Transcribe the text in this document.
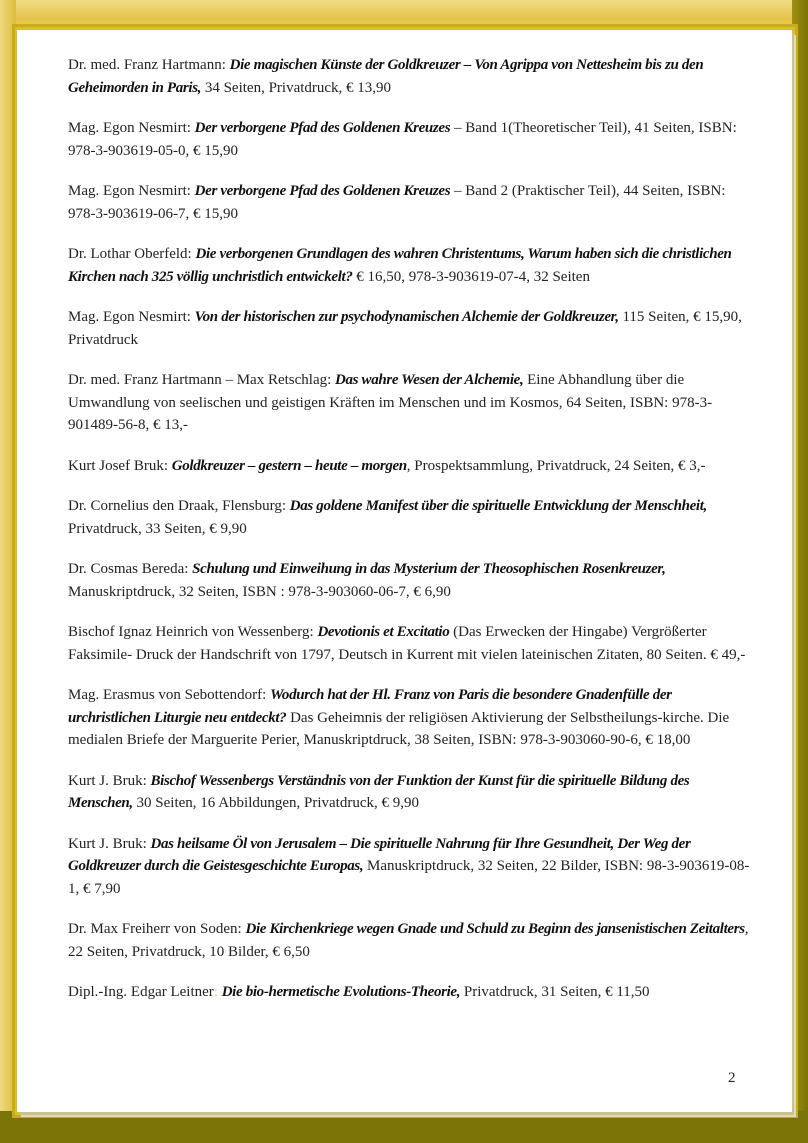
Dr. med. Franz Hartmann: Die magischen Künste der Goldkreuzer – Von Agrippa von Nettesheim bis zu den Geheimorden in Paris, 34 Seiten, Privatdruck, € 13,90

Mag. Egon Nesmirt: Der verborgene Pfad des Goldenen Kreuzes – Band 1(Theoretischer Teil), 41 Seiten, ISBN: 978-3-903619-05-0, € 15,90

Mag. Egon Nesmirt: Der verborgene Pfad des Goldenen Kreuzes – Band 2 (Praktischer Teil), 44 Seiten, ISBN: 978-3-903619-06-7, € 15,90

Dr. Lothar Oberfeld: Die verborgenen Grundlagen des wahren Christentums, Warum haben sich die christlichen Kirchen nach 325 völlig unchristlich entwickelt? € 16,50, 978-3-903619-07-4, 32 Seiten

Mag. Egon Nesmirt: Von der historischen zur psychodynamischen Alchemie der Goldkreuzer, 115 Seiten, € 15,90, Privatdruck

Dr. med. Franz Hartmann – Max Retschlag: Das wahre Wesen der Alchemie, Eine Abhandlung über die Umwandlung von seelischen und geistigen Kräften im Menschen und im Kosmos, 64 Seiten, ISBN: 978-3-901489-56-8, € 13,-

Kurt Josef Bruk: Goldkreuzer – gestern – heute – morgen, Prospektsammlung, Privatdruck, 24 Seiten, € 3,-

Dr. Cornelius den Draak, Flensburg: Das goldene Manifest über die spirituelle Entwicklung der Menschheit, Privatdruck, 33 Seiten, € 9,90

Dr. Cosmas Bereda: Schulung und Einweihung in das Mysterium der Theosophischen Rosenkreuzer, Manuskriptdruck, 32 Seiten, ISBN : 978-3-903060-06-7, € 6,90

Bischof Ignaz Heinrich von Wessenberg: Devotionis et Excitatio (Das Erwecken der Hingabe) Vergrößerter Faksimile- Druck der Handschrift von 1797, Deutsch in Kurrent mit vielen lateinischen Zitaten, 80 Seiten. € 49,-

Mag. Erasmus von Sebottendorf: Wodurch hat der Hl. Franz von Paris die besondere Gnadenfülle der urchristlichen Liturgie neu entdeckt? Das Geheimnis der religiösen Aktivierung der Selbstheilungs-kirche. Die medialen Briefe der Marguerite Perier, Manuskriptdruck, 38 Seiten, ISBN: 978-3-903060-90-6, € 18,00

Kurt J. Bruk: Bischof Wessenbergs Verständnis von der Funktion der Kunst für die spirituelle Bildung des Menschen, 30 Seiten, 16 Abbildungen, Privatdruck, € 9,90

Kurt J. Bruk: Das heilsame Öl von Jerusalem – Die spirituelle Nahrung für Ihre Gesundheit, Der Weg der Goldkreuzer durch die Geistesgeschichte Europas, Manuskriptdruck, 32 Seiten, 22 Bilder, ISBN: 98-3-903619-08-1, € 7,90

Dr. Max Freiherr von Soden: Die Kirchenkriege wegen Gnade und Schuld zu Beginn des jansenistischen Zeitalters, 22 Seiten, Privatdruck, 10 Bilder, € 6,50

Dipl.-Ing. Edgar Leitner: Die bio-hermetische Evolutions-Theorie, Privatdruck, 31 Seiten, € 11,50

2
